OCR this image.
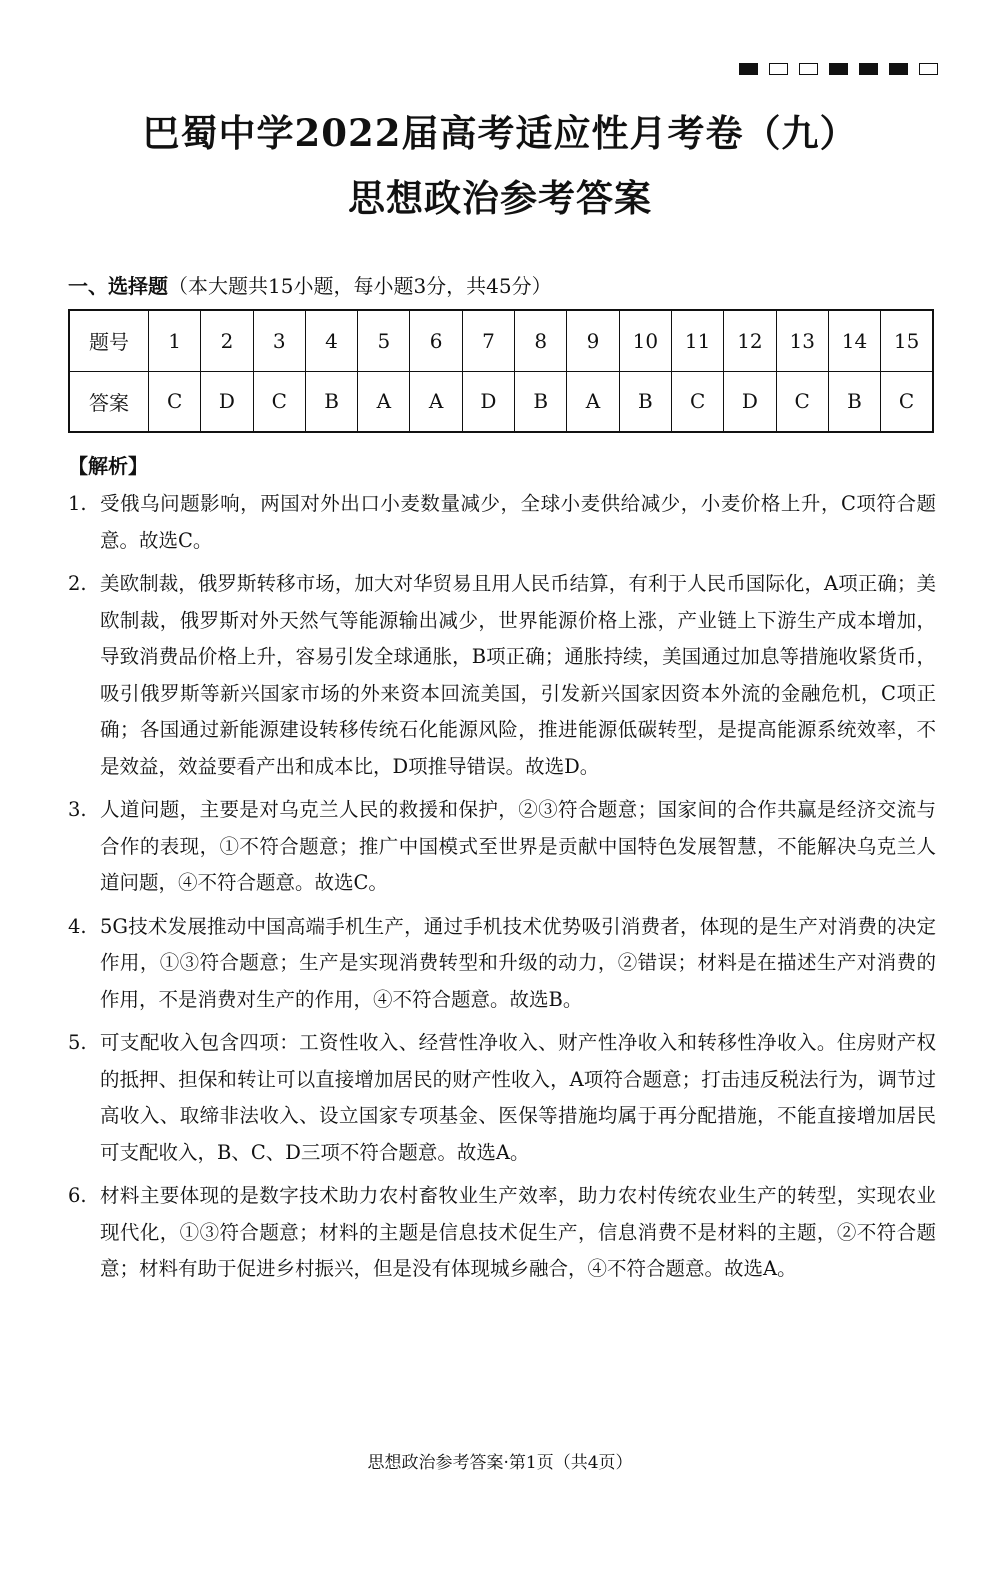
巴蜀中学2022届高考适应性月考卷（九）
思想政治参考答案
一、选择题（本大题共15小题，每小题3分，共45分）
题号	1	2	3	4	5	6	7	8	9	10	11	12	13	14	15
答案	C	D	C	B	A	A	D	B	A	B	C	D	C	B	C
【解析】
1. 受俄乌问题影响，两国对外出口小麦数量减少，全球小麦供给减少，小麦价格上升，C项符合题意。故选C。
2. 美欧制裁，俄罗斯转移市场，加大对华贸易且用人民币结算，有利于人民币国际化，A项正确；美欧制裁，俄罗斯对外天然气等能源输出减少，世界能源价格上涨，产业链上下游生产成本增加，导致消费品价格上升，容易引发全球通胀，B项正确；通胀持续，美国通过加息等措施收紧货币，吸引俄罗斯等新兴国家市场的外来资本回流美国，引发新兴国家因资本外流的金融危机，C项正确；各国通过新能源建设转移传统石化能源风险，推进能源低碳转型，是提高能源系统效率，不是效益，效益要看产出和成本比，D项推导错误。故选D。
3. 人道问题，主要是对乌克兰人民的救援和保护，②③符合题意；国家间的合作共赢是经济交流与合作的表现，①不符合题意；推广中国模式至世界是贡献中国特色发展智慧，不能解决乌克兰人道问题，④不符合题意。故选C。
4. 5G技术发展推动中国高端手机生产，通过手机技术优势吸引消费者，体现的是生产对消费的决定作用，①③符合题意；生产是实现消费转型和升级的动力，②错误；材料是在描述生产对消费的作用，不是消费对生产的作用，④不符合题意。故选B。
5. 可支配收入包含四项：工资性收入、经营性净收入、财产性净收入和转移性净收入。住房财产权的抵押、担保和转让可以直接增加居民的财产性收入，A项符合题意；打击违反税法行为，调节过高收入、取缔非法收入、设立国家专项基金、医保等措施均属于再分配措施，不能直接增加居民可支配收入，B、C、D三项不符合题意。故选A。
6. 材料主要体现的是数字技术助力农村畜牧业生产效率，助力农村传统农业生产的转型，实现农业现代化，①③符合题意；材料的主题是信息技术促生产，信息消费不是材料的主题，②不符合题意；材料有助于促进乡村振兴，但是没有体现城乡融合，④不符合题意。故选A。
思想政治参考答案·第1页（共4页）
